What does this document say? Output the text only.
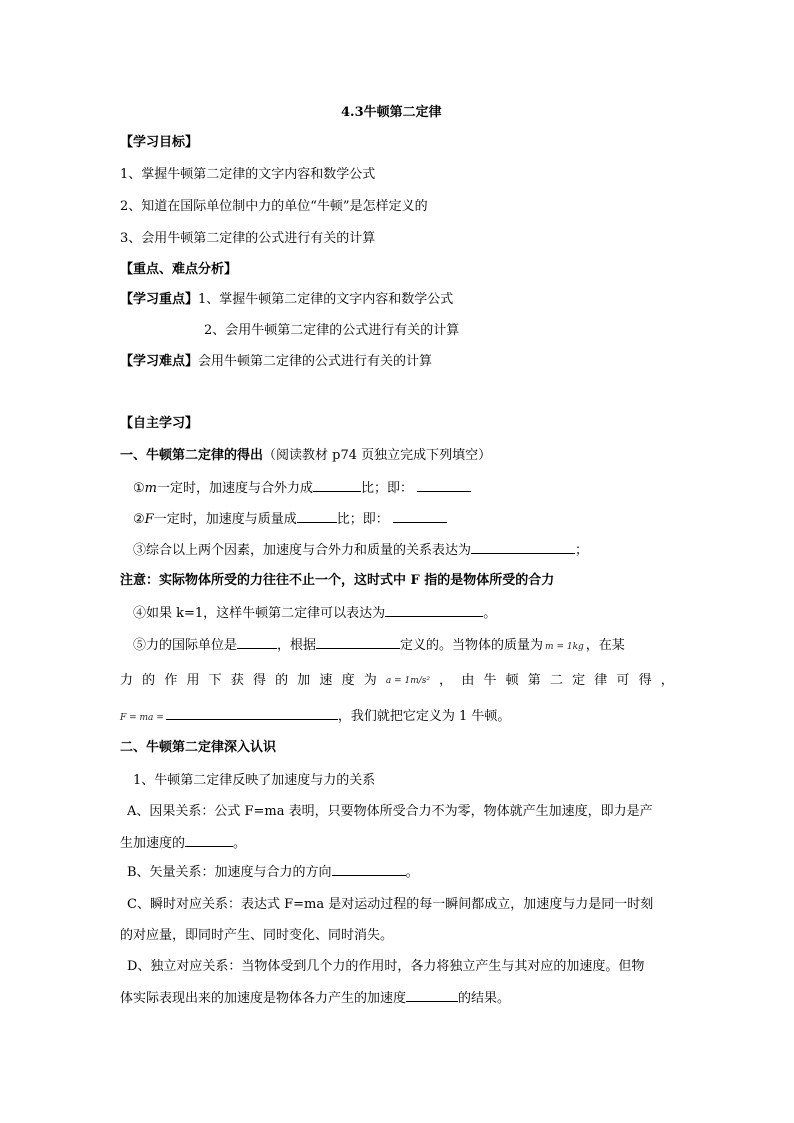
4.3牛顿第二定律
【学习目标】
1、掌握牛顿第二定律的文字内容和数学公式
2、知道在国际单位制中力的单位“牛顿”是怎样定义的
3、会用牛顿第二定律的公式进行有关的计算
【重点、难点分析】
【学习重点】1、掌握牛顿第二定律的文字内容和数学公式
2、会用牛顿第二定律的公式进行有关的计算
【学习难点】会用牛顿第二定律的公式进行有关的计算
【自主学习】
一、牛顿第二定律的得出（阅读教材 p74 页独立完成下列填空）
①m一定时，加速度与合外力成	比；即：
②F一定时，加速度与质量成	比；即：
③综合以上两个因素，加速度与合外力和质量的关系表达为	；
注意：实际物体所受的力往往不止一个，这时式中 F 指的是物体所受的合力
④如果 k=1，这样牛顿第二定律可以表达为	。
⑤力的国际单位是	，根据	定义的。当物体的质量为 m = 1kg ，在某
力 的 作 用 下 获 得 的 加 速 度 为 a = 1m/s² ， 由 牛 顿 第 二 定 律 可 得 ，
F = ma =	，我们就把它定义为 1 牛顿。
二、牛顿第二定律深入认识
1、牛顿第二定律反映了加速度与力的关系
A、因果关系：公式 F=ma 表明，只要物体所受合力不为零，物体就产生加速度，即力是产
生加速度的	。
B、矢量关系：加速度与合力的方向	。
C、瞬时对应关系：表达式 F=ma 是对运动过程的每一瞬间都成立，加速度与力是同一时刻
的对应量，即同时产生、同时变化、同时消失。
D、独立对应关系：当物体受到几个力的作用时，各力将独立产生与其对应的加速度。但物
体实际表现出来的加速度是物体各力产生的加速度	的结果。
